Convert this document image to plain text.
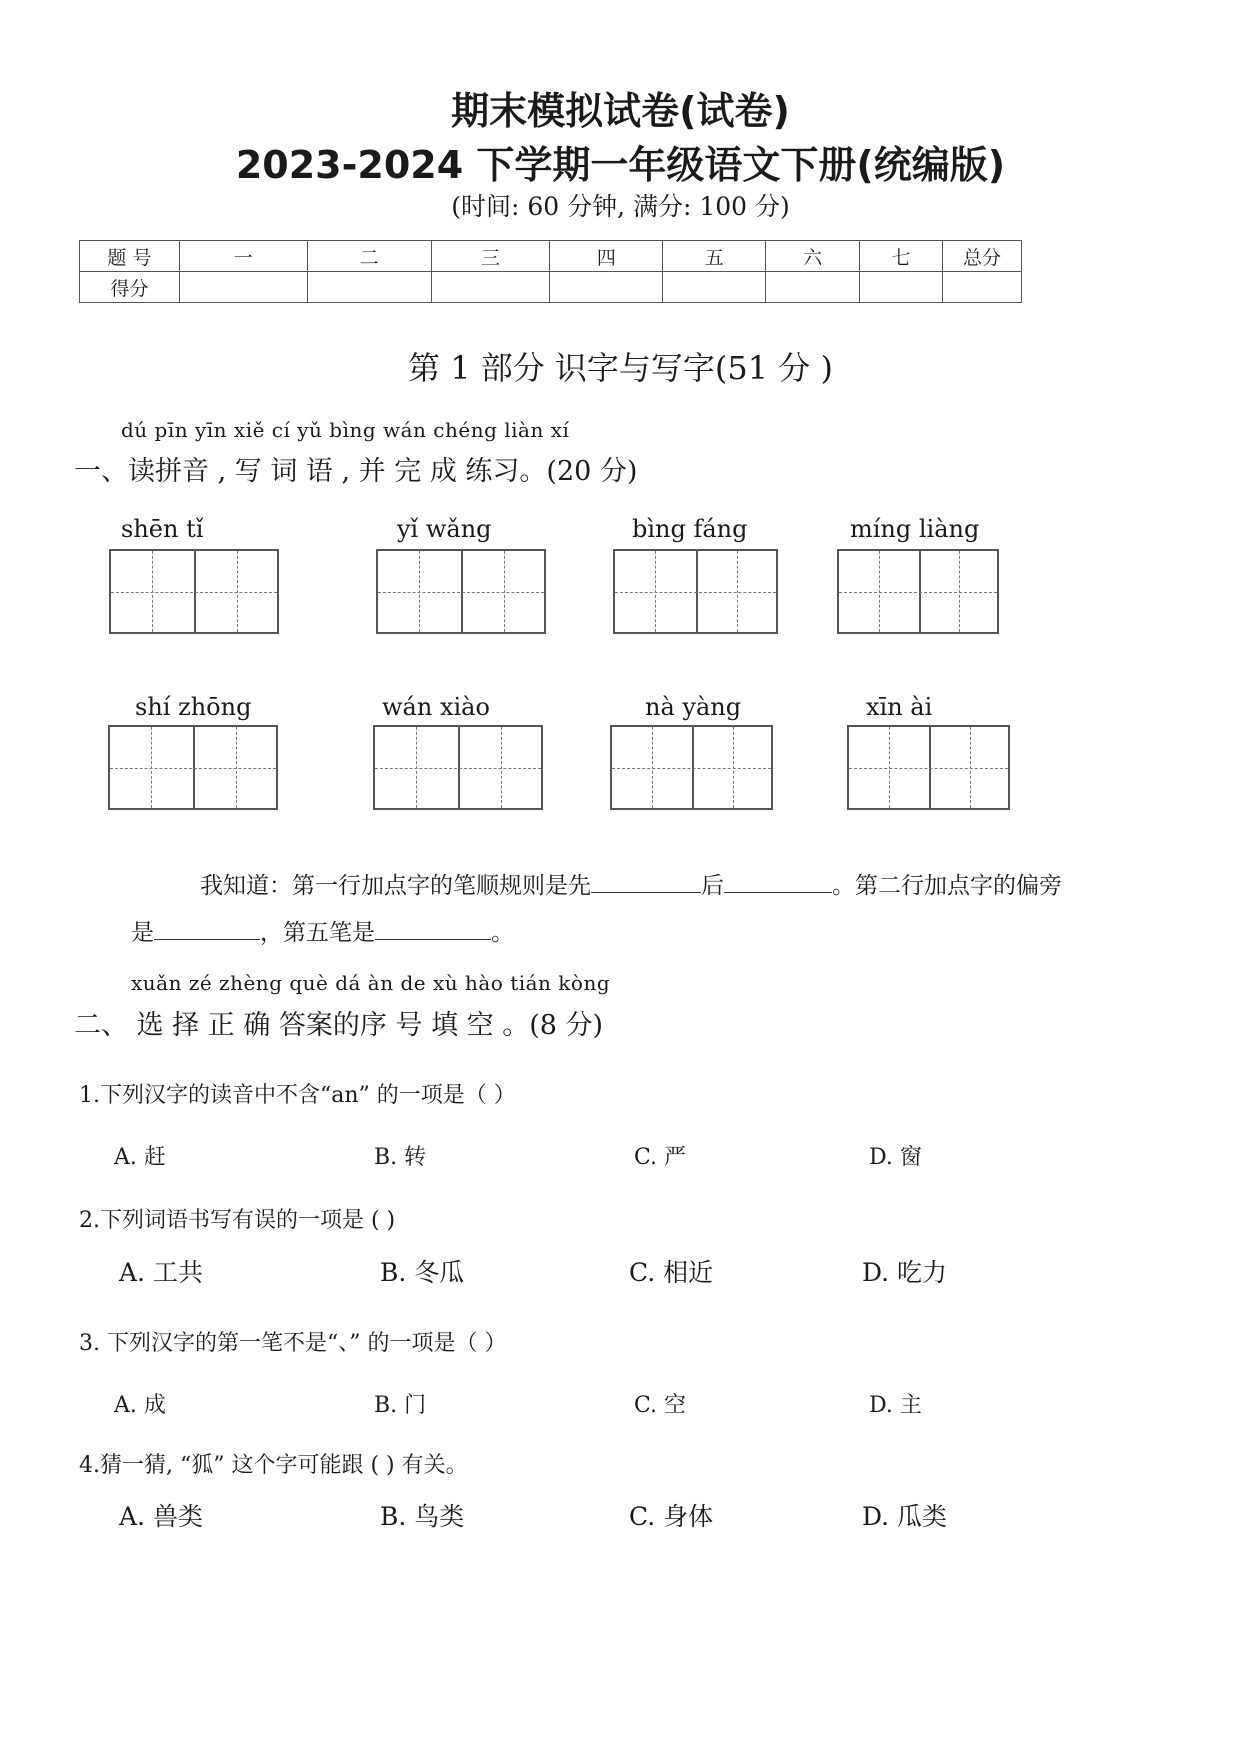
期末模拟试卷(试卷)
2023-2024 下学期一年级语文下册(统编版)
(时间: 60 分钟, 满分: 100 分)
题 号	一	二	三	四	五	六	七	总分
得分								
第 1 部分 识字与写字(51 分 )
dú pīn yīn xiě cí yǔ bìng wán chéng liàn xí
一、读拼音 , 写 词 语 , 并 完 成 练习。(20 分)
shēn tǐ	yǐ wǎng	bìng fáng	míng liàng
shí zhōng	wán xiào	nà yàng	xīn ài
我知道：第一行加点字的笔顺规则是先	后	。第二行加点字的偏旁
是	，第五笔是	。
xuǎn zé zhèng què dá àn de xù hào tián kòng
二、 选 择 正 确 答案的序 号 填 空 。(8 分)
1.下列汉字的读音中不含“an” 的一项是（ ）
A. 赶	B. 转	C. 严	D. 窗
2.下列词语书写有误的一项是 ( )
A. 工共	B. 冬瓜	C. 相近	D. 吃力
3. 下列汉字的第一笔不是“、” 的一项是（ ）
A. 成	B. 门	C. 空	D. 主
4.猜一猜, “狐” 这个字可能跟 ( ) 有关。
A. 兽类	B. 鸟类	C. 身体	D. 瓜类
